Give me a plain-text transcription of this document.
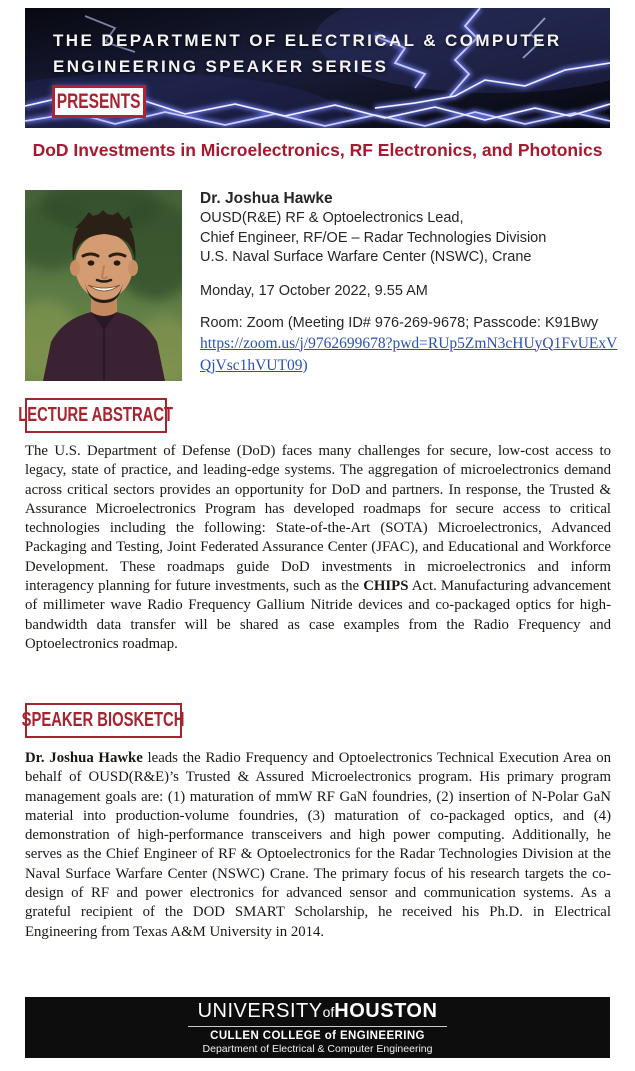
THE DEPARTMENT OF ELECTRICAL & COMPUTER
ENGINEERING SPEAKER SERIES
PRESENTS
DoD Investments in Microelectronics, RF Electronics, and Photonics
Dr. Joshua Hawke
OUSD(R&E) RF & Optoelectronics Lead,
Chief Engineer, RF/OE – Radar Technologies Division
U.S. Naval Surface Warfare Center (NSWC), Crane
Monday, 17 October 2022, 9.55 AM
Room: Zoom (Meeting ID# 976-269-9678; Passcode: K91Bwy
https://zoom.us/j/9762699678?pwd=RUp5ZmN3cHUyQ1FvUExVQjVsc1hVUT09)
LECTURE ABSTRACT
The U.S. Department of Defense (DoD) faces many challenges for secure, low-cost access to legacy, state of practice, and leading-edge systems. The aggregation of microelectronics demand across critical sectors provides an opportunity for DoD and partners. In response, the Trusted & Assurance Microelectronics Program has developed roadmaps for secure access to critical technologies including the following: State-of-the-Art (SOTA) Microelectronics, Advanced Packaging and Testing, Joint Federated Assurance Center (JFAC), and Educational and Workforce Development. These roadmaps guide DoD investments in microelectronics and inform interagency planning for future investments, such as the CHIPS Act. Manufacturing advancement of millimeter wave Radio Frequency Gallium Nitride devices and co-packaged optics for high-bandwidth data transfer will be shared as case examples from the Radio Frequency and Optoelectronics roadmap.
SPEAKER BIOSKETCH
Dr. Joshua Hawke leads the Radio Frequency and Optoelectronics Technical Execution Area on behalf of OUSD(R&E)’s Trusted & Assured Microelectronics program. His primary program management goals are: (1) maturation of mmW RF GaN foundries, (2) insertion of N-Polar GaN material into production-volume foundries, (3) maturation of co-packaged optics, and (4) demonstration of high-performance transceivers and high power computing. Additionally, he serves as the Chief Engineer of RF & Optoelectronics for the Radar Technologies Division at the Naval Surface Warfare Center (NSWC) Crane. The primary focus of his research targets the co-design of RF and power electronics for advanced sensor and communication systems. As a grateful recipient of the DOD SMART Scholarship, he received his Ph.D. in Electrical Engineering from Texas A&M University in 2014.
UNIVERSITYofHOUSTON
CULLEN COLLEGE of ENGINEERING
Department of Electrical & Computer Engineering
